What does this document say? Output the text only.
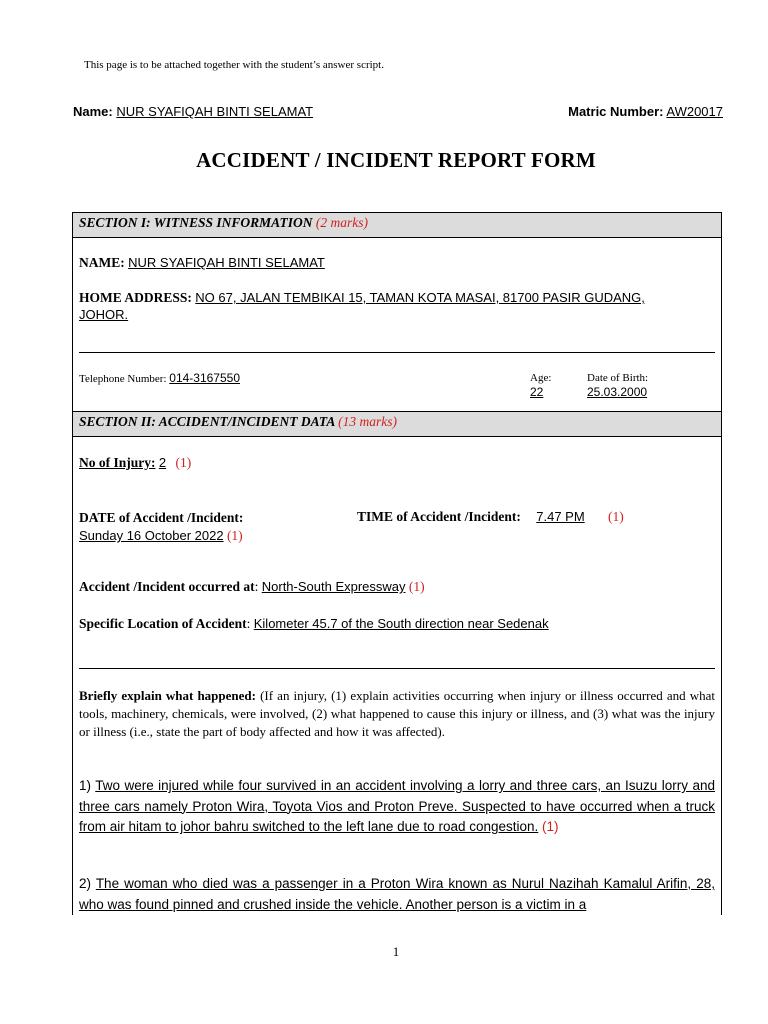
This page is to be attached together with the student’s answer script.
Name: NUR SYAFIQAH BINTI SELAMAT	Matric Number: AW20017
ACCIDENT / INCIDENT REPORT FORM
SECTION I: WITNESS INFORMATION (2 marks)
NAME: NUR SYAFIQAH BINTI SELAMAT
HOME ADDRESS: NO 67, JALAN TEMBIKAI 15, TAMAN KOTA MASAI, 81700 PASIR GUDANG,
JOHOR.
Telephone Number: 014-3167550	Age:
22
Date of Birth:
25.03.2000
SECTION II: ACCIDENT/INCIDENT DATA (13 marks)
No of Injury: 2 (1)
DATE of Accident /Incident:
Sunday 16 October 2022 (1)
TIME of Accident /Incident: 7.47 PM (1)
Accident /Incident occurred at: North-South Expressway (1)
Specific Location of Accident: Kilometer 45.7 of the South direction near Sedenak
Briefly explain what happened: (If an injury, (1) explain activities occurring when injury or illness occurred and what tools, machinery, chemicals, were involved, (2) what happened to cause this injury or illness, and (3) what was the injury or illness (i.e., state the part of body affected and how it was affected).
1) Two were injured while four survived in an accident involving a lorry and three cars, an Isuzu lorry and three cars namely Proton Wira, Toyota Vios and Proton Preve. Suspected to have occurred when a truck from air hitam to johor bahru switched to the left lane due to road congestion. (1)
2) The woman who died was a passenger in a Proton Wira known as Nurul Nazihah Kamalul Arifin, 28, who was found pinned and crushed inside the vehicle. Another person is a victim in a
1
